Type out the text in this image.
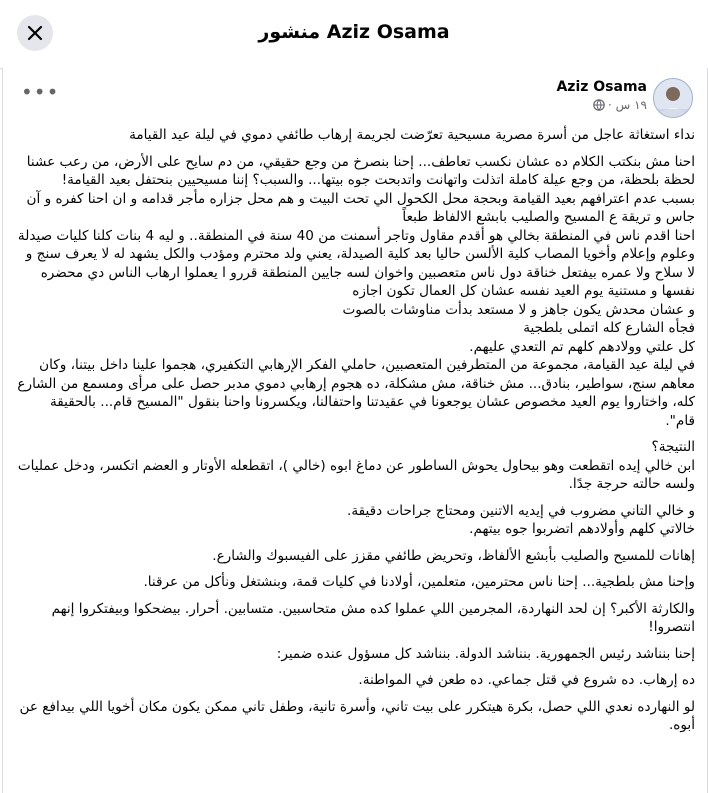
منشور Aziz Osama
•••	Aziz Osama
١٩ س ·

نداء استغاثة عاجل من أسرة مصرية مسيحية تعرّضت لجريمة إرهاب طائفي دموي في ليلة عيد القيامة

احنا مش بنكتب الكلام ده عشان نكسب تعاطف... إحنا بنصرخ من وجع حقيقي، من دم سايح على الأرض، من رعب عشنا لحظة بلحظة، من وجع عيلة كاملة اتذلت واتهانت واتدبحت جوه بيتها... والسبب؟ إننا مسيحيين بنحتفل بعيد القيامة!
بسبب عدم اعترافهم بعيد القيامة وبحجة محل الكحول الي تحت البيت و هم محل جزاره مأجر قدامه و ان احنا كفره و آن جاس و تريقة ع المسيح والصليب بابشع الالفاظ طبعاً
احنا اقدم ناس في المنطقة بخالي هو أقدم مقاول وتاجر أسمنت من 40 سنة في المنطقة.. و ليه 4 بنات كلنا كليات صيدلة وعلوم وإعلام وأخويا المصاب كلية الألسن حاليا بعد كلية الصيدلة، يعني ولد محترم ومؤدب والكل يشهد له لا يعرف سنج و لا سلاح ولا عمره بيفتعل خناقة دول ناس متعصبين واخوان لسه جايين المنطقة قررو ا يعملوا ارهاب الناس دي محضره نفسها و مستنية يوم العيد نفسه عشان كل العمال تكون اجازه
و عشان محدش يكون جاهز و لا مستعد بدأت مناوشات بالصوت
فجأه الشارع كله اتملى بلطجية
كل علتي وولادهم كلهم تم التعدي عليهم.
في ليلة عيد القيامة، مجموعة من المتطرفين المتعصبين، حاملي الفكر الإرهابي التكفيري، هجموا علينا داخل بيتنا، وكان معاهم سنج، سواطير، بنادق... مش خناقة، مش مشكلة، ده هجوم إرهابي دموي مدبر حصل على مرأى ومسمع من الشارع كله، واختاروا يوم العيد مخصوص عشان يوجعونا في عقيدتنا واحتفالنا، ويكسرونا واحنا بنقول "المسيح قام... بالحقيقة قام".

النتيجة؟
ابن خالي إيده اتقطعت وهو بيحاول يحوش الساطور عن دماغ ابوه (خالي )، اتقطعله الأوتار و العضم اتكسر، ودخل عمليات ولسه حالته حرجة جدًا.

و خالي التاني مضروب في إيديه الاتنين ومحتاج جراحات دقيقة.
خالاتي كلهم وأولادهم اتضربوا جوه بيتهم.

إهانات للمسيح والصليب بأبشع الألفاظ، وتحريض طائفي مقزز على الفيسبوك والشارع.

وإحنا مش بلطجية... إحنا ناس محترمين، متعلمين، أولادنا في كليات قمة، وبنشتغل ونأكل من عرقنا.

والكارثة الأكبر؟ إن لحد النهاردة، المجرمين اللي عملوا كده مش متحاسبين. متسابين. أحرار. بيضحكوا وبيفتكروا إنهم انتصروا!

إحنا بنناشد رئيس الجمهورية. بنناشد الدولة. بنناشد كل مسؤول عنده ضمير:

ده إرهاب. ده شروع في قتل جماعي. ده طعن في المواطنة.

لو النهارده نعدي اللي حصل، بكرة هيتكرر على بيت تاني، وأسرة تانية، وطفل تاني ممكن يكون مكان أخويا اللي بيدافع عن أبوه.
